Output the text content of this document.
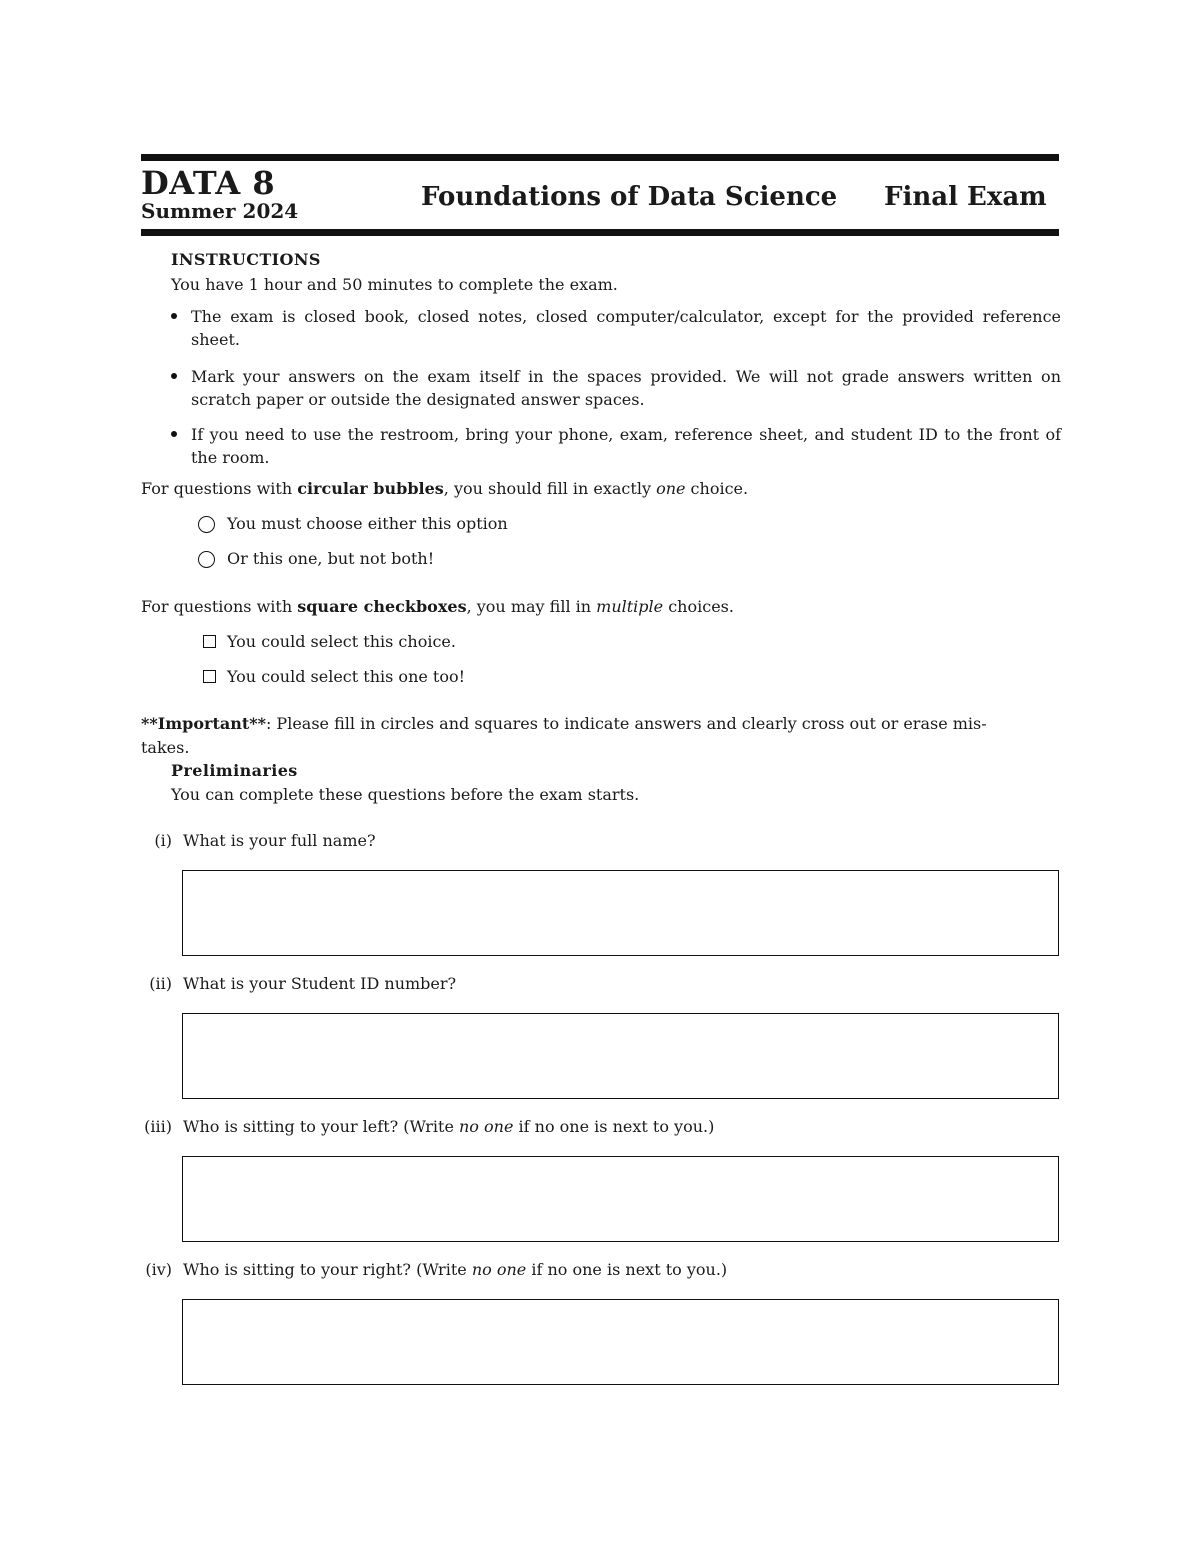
DATA 8
Summer 2024	Foundations of Data Science Final Exam
INSTRUCTIONS
You have 1 hour and 50 minutes to complete the exam.
The exam is closed book, closed notes, closed computer/calculator, except for the provided reference sheet.
Mark your answers on the exam itself in the spaces provided. We will not grade answers written on scratch paper or outside the designated answer spaces.
If you need to use the restroom, bring your phone, exam, reference sheet, and student ID to the front of the room.
For questions with circular bubbles, you should fill in exactly one choice.
You must choose either this option
Or this one, but not both!
For questions with square checkboxes, you may fill in multiple choices.
You could select this choice.
You could select this one too!
**Important**: Please fill in circles and squares to indicate answers and clearly cross out or erase mis-
takes.
Preliminaries
You can complete these questions before the exam starts.
(i) What is your full name?
(ii) What is your Student ID number?
(iii) Who is sitting to your left? (Write no one if no one is next to you.)
(iv) Who is sitting to your right? (Write no one if no one is next to you.)
